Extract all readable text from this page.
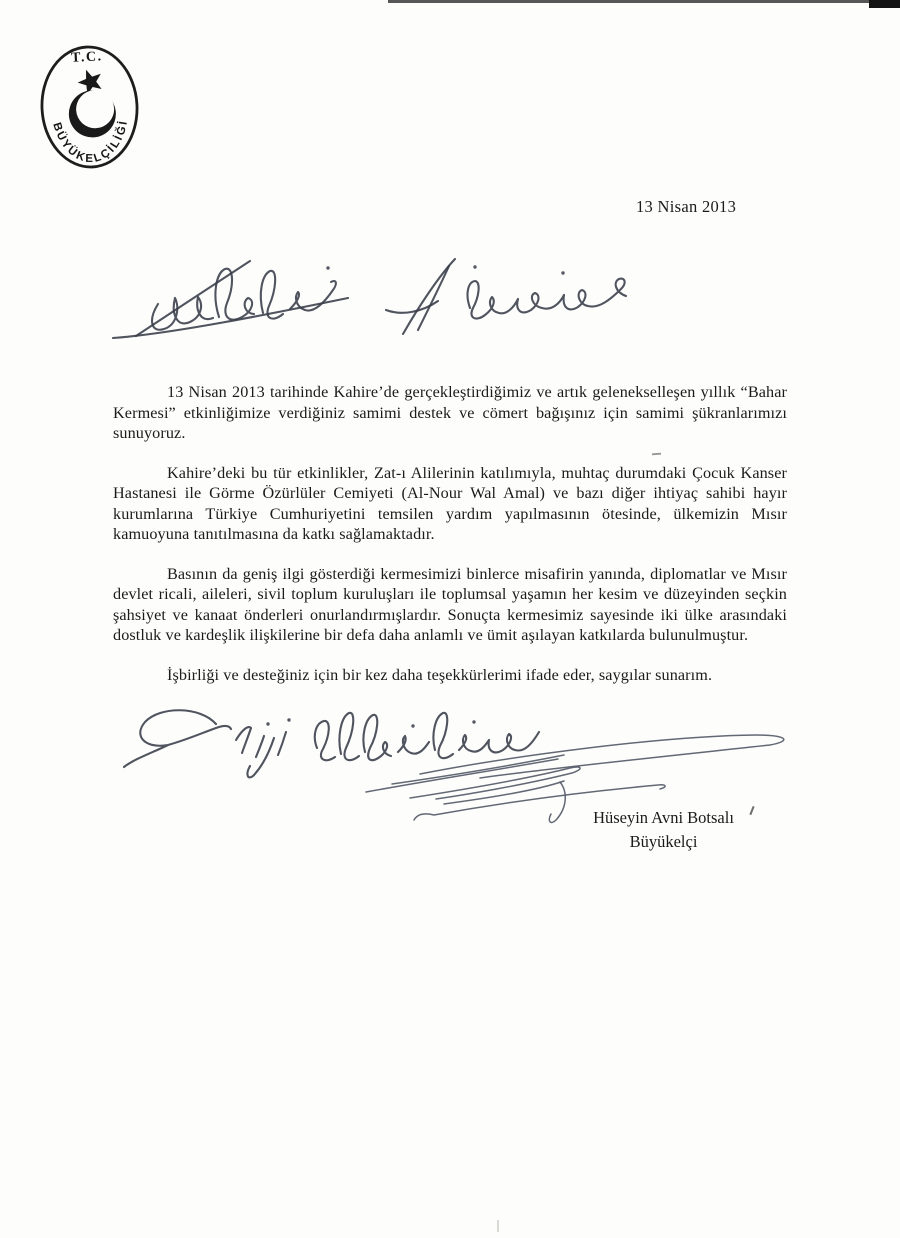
T.C.
BÜYÜKELÇİLİĞİ
13 Nisan 2013

13 Nisan 2013 tarihinde Kahire’de gerçekleştirdiğimiz ve artık gelenekselleşen yıllık “Bahar Kermesi” etkinliğimize verdiğiniz samimi destek ve cömert bağışınız için samimi şükranlarımızı sunuyoruz.

Kahire’deki bu tür etkinlikler, Zat-ı Alilerinin katılımıyla, muhtaç durumdaki Çocuk Kanser Hastanesi ile Görme Özürlüler Cemiyeti (Al-Nour Wal Amal) ve bazı diğer ihtiyaç sahibi hayır kurumlarına Türkiye Cumhuriyetini temsilen yardım yapılmasının ötesinde, ülkemizin Mısır kamuoyuna tanıtılmasına da katkı sağlamaktadır.

Basının da geniş ilgi gösterdiği kermesimizi binlerce misafirin yanında, diplomatlar ve Mısır devlet ricali, aileleri, sivil toplum kuruluşları ile toplumsal yaşamın her kesim ve düzeyinden seçkin şahsiyet ve kanaat önderleri onurlandırmışlardır. Sonuçta kermesimiz sayesinde iki ülke arasındaki dostluk ve kardeşlik ilişkilerine bir defa daha anlamlı ve ümit aşılayan katkılarda bulunulmuştur.

İşbirliği ve desteğiniz için bir kez daha teşekkürlerimi ifade eder, saygılar sunarım.

Hüseyin Avni Botsalı
Büyükelçi
